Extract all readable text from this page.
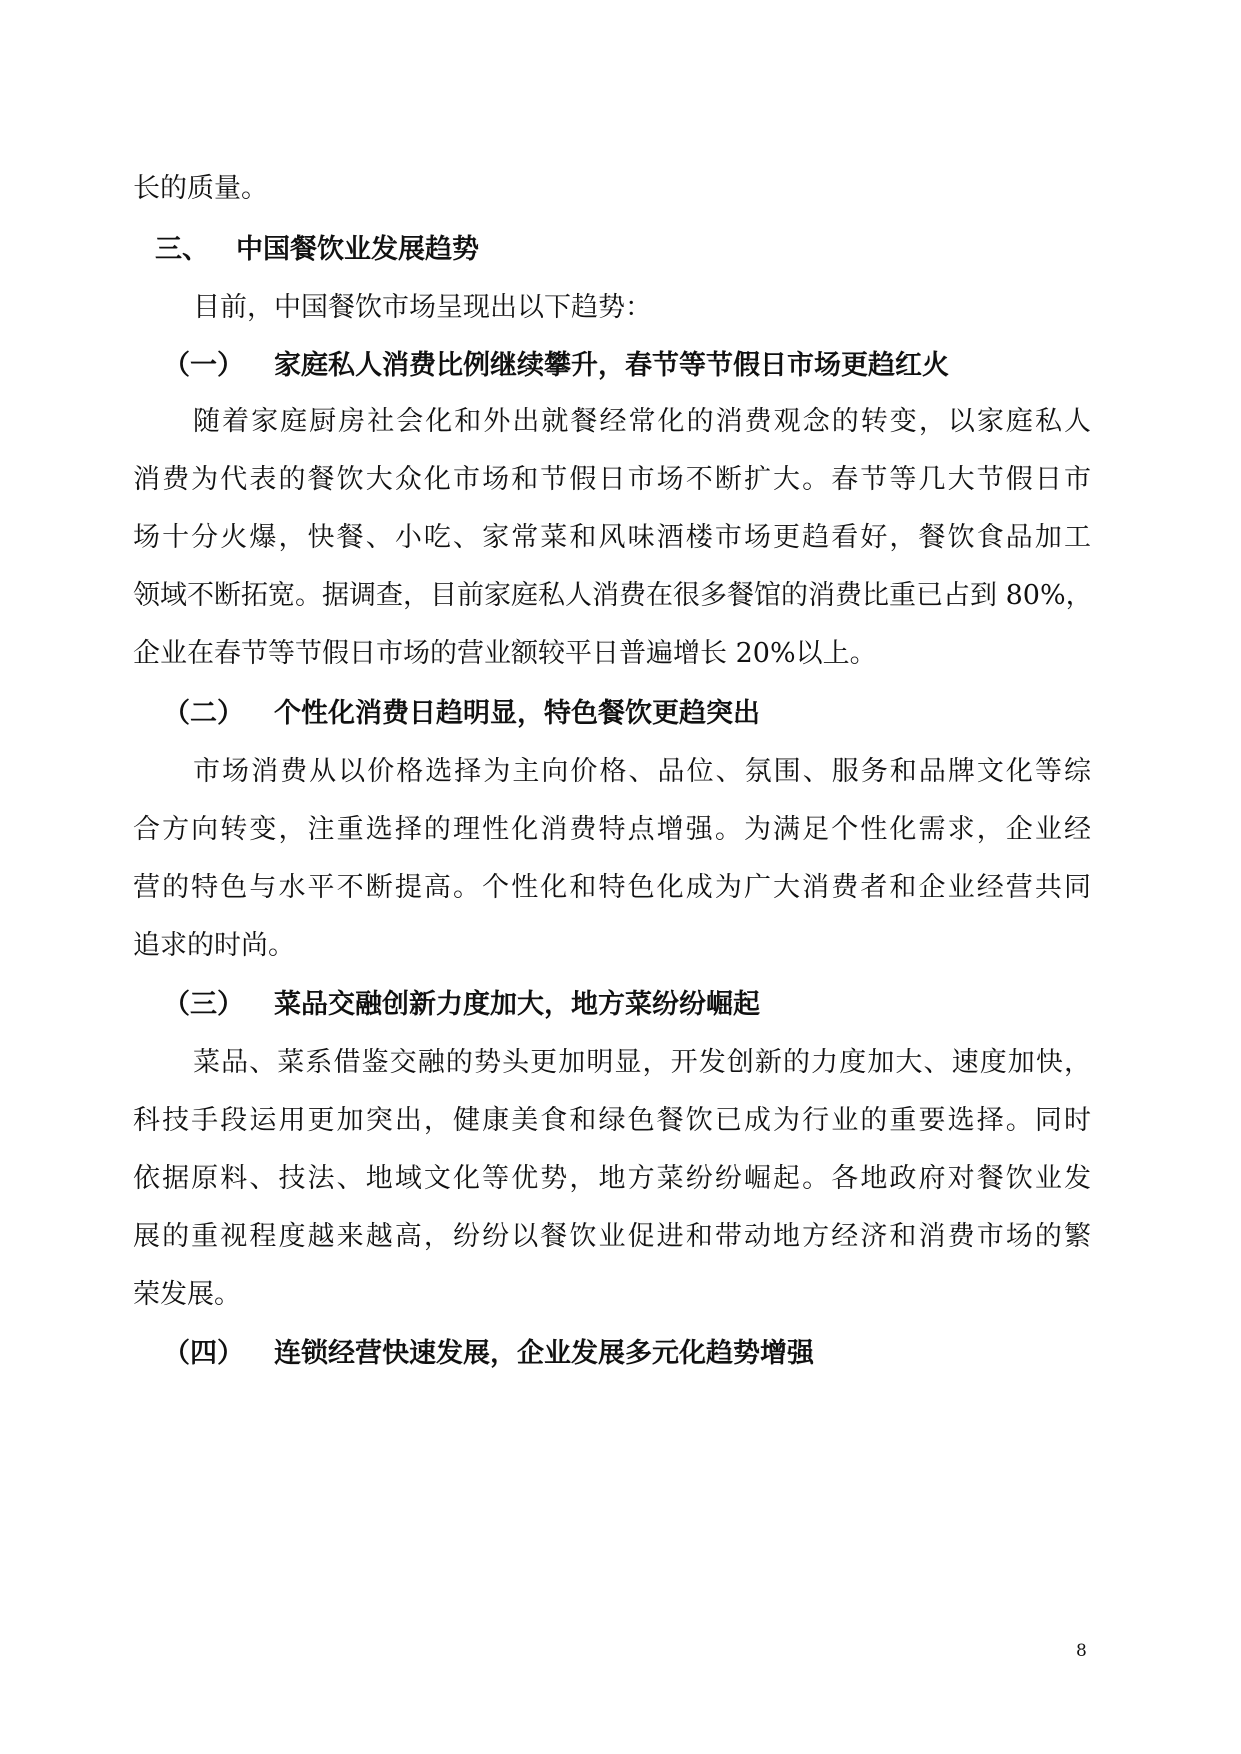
长的质量。

三、 中国餐饮业发展趋势

目前，中国餐饮市场呈现出以下趋势：

（一） 家庭私人消费比例继续攀升，春节等节假日市场更趋红火

随着家庭厨房社会化和外出就餐经常化的消费观念的转变，以家庭私人

消费为代表的餐饮大众化市场和节假日市场不断扩大。春节等几大节假日市

场十分火爆，快餐、小吃、家常菜和风味酒楼市场更趋看好，餐饮食品加工

领域不断拓宽。据调查，目前家庭私人消费在很多餐馆的消费比重已占到 80%，

企业在春节等节假日市场的营业额较平日普遍增长 20%以上。

（二） 个性化消费日趋明显，特色餐饮更趋突出

市场消费从以价格选择为主向价格、品位、氛围、服务和品牌文化等综

合方向转变，注重选择的理性化消费特点增强。为满足个性化需求，企业经

营的特色与水平不断提高。个性化和特色化成为广大消费者和企业经营共同

追求的时尚。

（三） 菜品交融创新力度加大，地方菜纷纷崛起

菜品、菜系借鉴交融的势头更加明显，开发创新的力度加大、速度加快，

科技手段运用更加突出，健康美食和绿色餐饮已成为行业的重要选择。同时

依据原料、技法、地域文化等优势，地方菜纷纷崛起。各地政府对餐饮业发

展的重视程度越来越高，纷纷以餐饮业促进和带动地方经济和消费市场的繁

荣发展。

（四） 连锁经营快速发展，企业发展多元化趋势增强

8
